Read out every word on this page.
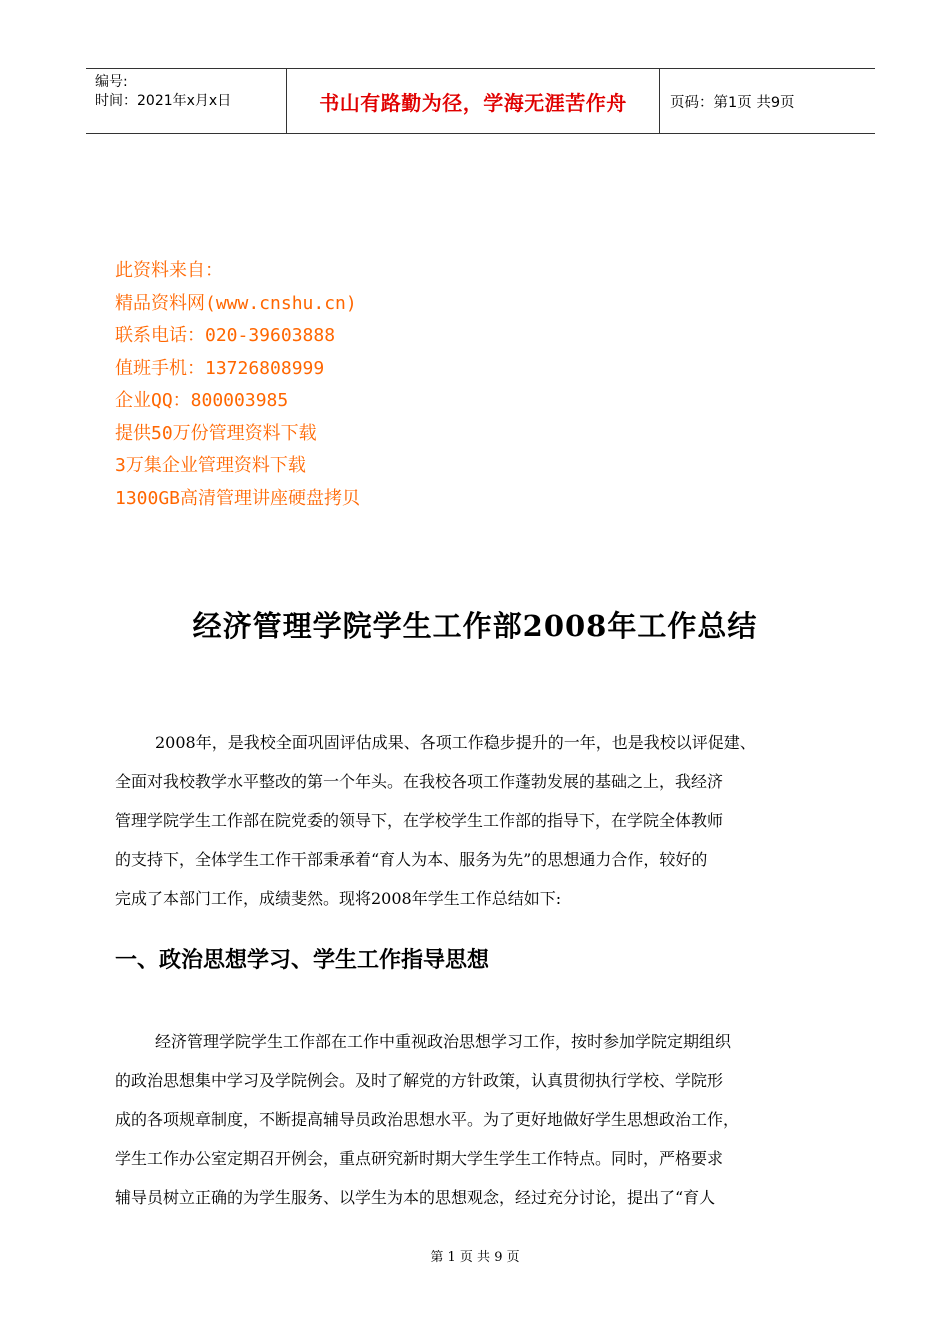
编号:
时间：2021年x月x日	书山有路勤为径，学海无涯苦作舟	页码：第1页 共9页
此资料来自：
精品资料网(www.cnshu.cn)
联系电话：020-39603888
值班手机：13726808999
企业QQ：800003985
提供50万份管理资料下载
3万集企业管理资料下载
1300GB高清管理讲座硬盘拷贝
经济管理学院学生工作部2008年工作总结
2008年，是我校全面巩固评估成果、各项工作稳步提升的一年，也是我校以评促建、
全面对我校教学水平整改的第一个年头。在我校各项工作蓬勃发展的基础之上，我经济
管理学院学生工作部在院党委的领导下，在学校学生工作部的指导下，在学院全体教师
的支持下，全体学生工作干部秉承着“育人为本、服务为先”的思想通力合作，较好的
完成了本部门工作，成绩斐然。现将2008年学生工作总结如下:
一、政治思想学习、学生工作指导思想
经济管理学院学生工作部在工作中重视政治思想学习工作，按时参加学院定期组织
的政治思想集中学习及学院例会。及时了解党的方针政策，认真贯彻执行学校、学院形
成的各项规章制度，不断提高辅导员政治思想水平。为了更好地做好学生思想政治工作，
学生工作办公室定期召开例会，重点研究新时期大学生学生工作特点。同时，严格要求
辅导员树立正确的为学生服务、以学生为本的思想观念，经过充分讨论，提出了“育人
第 1 页 共 9 页
